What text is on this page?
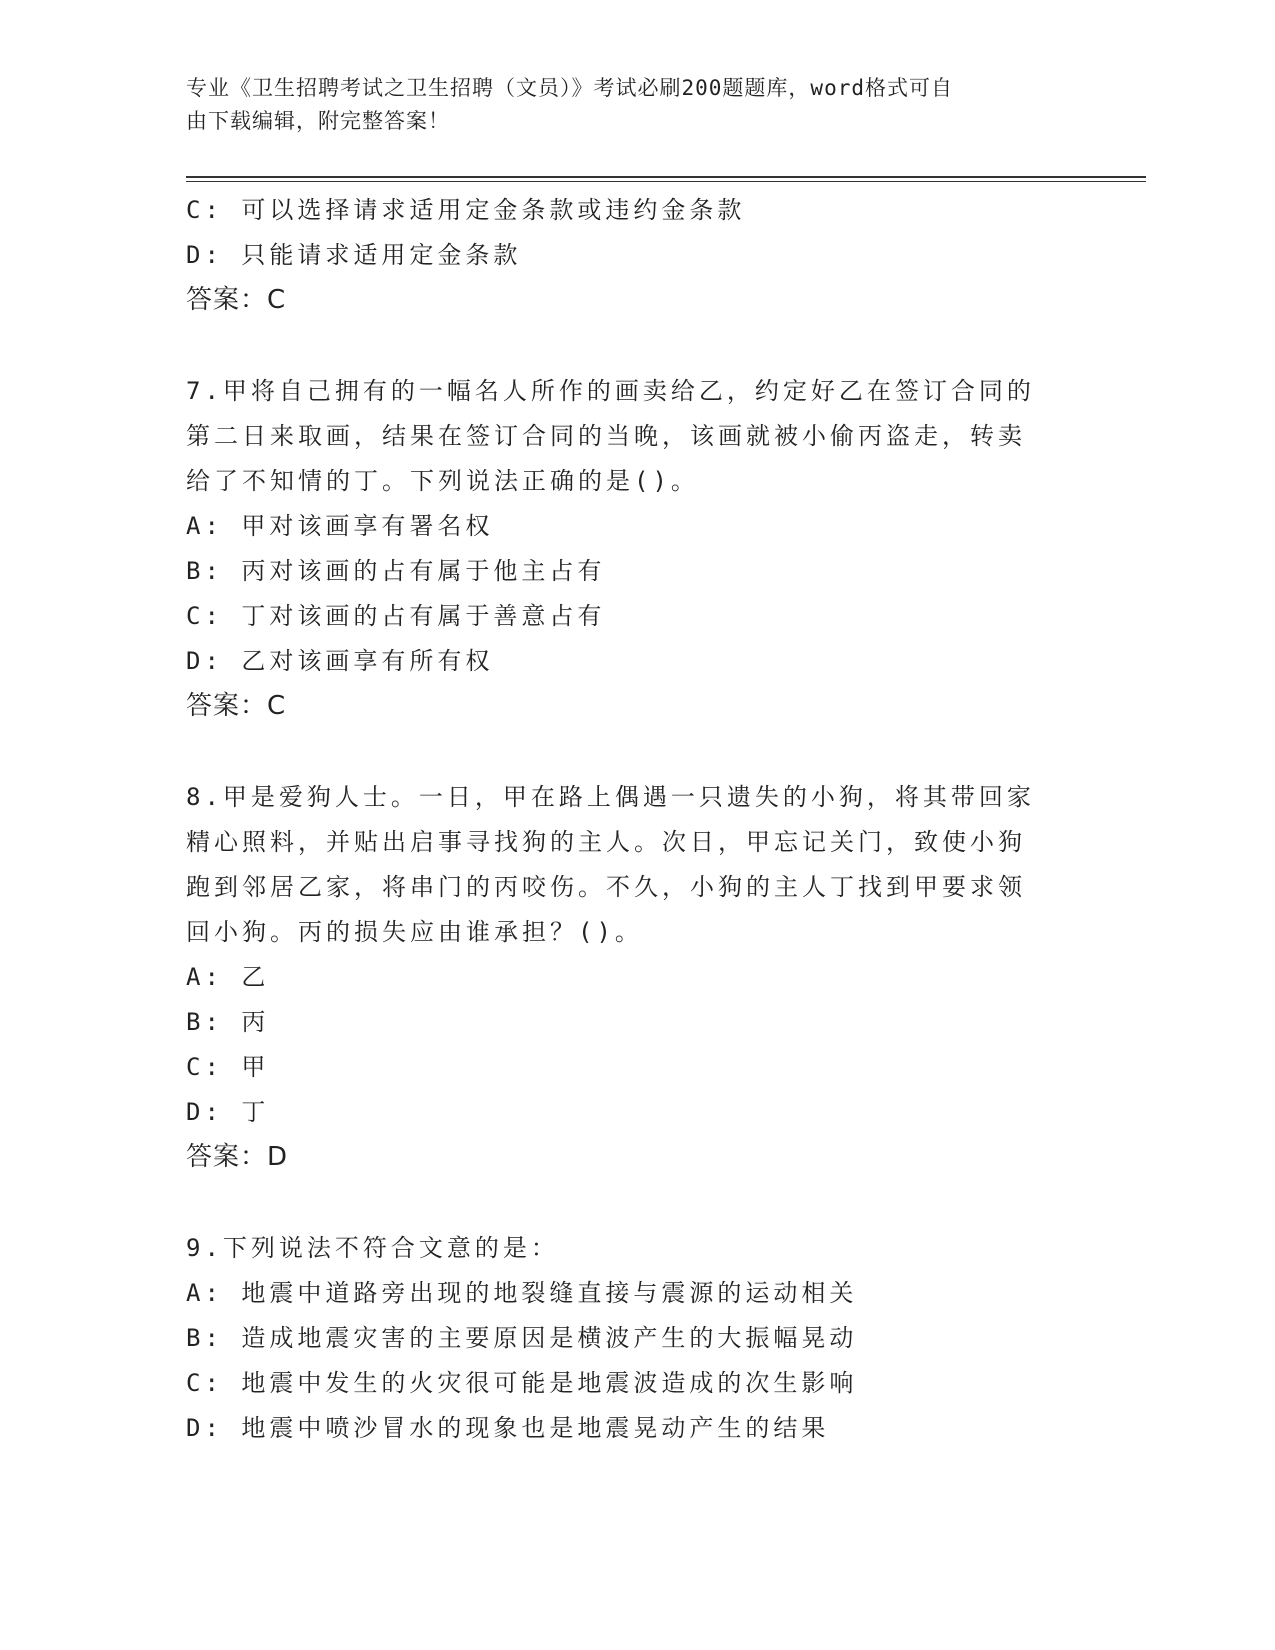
专业《卫生招聘考试之卫生招聘（文员）》考试必刷200题题库，word格式可自
由下载编辑，附完整答案！
C: 可以选择请求适用定金条款或违约金条款
D: 只能请求适用定金条款
答案：C
7.甲将自己拥有的一幅名人所作的画卖给乙，约定好乙在签订合同的
第二日来取画，结果在签订合同的当晚，该画就被小偷丙盗走，转卖
给了不知情的丁。下列说法正确的是()。
A: 甲对该画享有署名权
B: 丙对该画的占有属于他主占有
C: 丁对该画的占有属于善意占有
D: 乙对该画享有所有权
答案：C
8.甲是爱狗人士。一日，甲在路上偶遇一只遗失的小狗，将其带回家
精心照料，并贴出启事寻找狗的主人。次日，甲忘记关门，致使小狗
跑到邻居乙家，将串门的丙咬伤。不久，小狗的主人丁找到甲要求领
回小狗。丙的损失应由谁承担？()。
A: 乙
B: 丙
C: 甲
D: 丁
答案：D
9.下列说法不符合文意的是：
A: 地震中道路旁出现的地裂缝直接与震源的运动相关
B: 造成地震灾害的主要原因是横波产生的大振幅晃动
C: 地震中发生的火灾很可能是地震波造成的次生影响
D: 地震中喷沙冒水的现象也是地震晃动产生的结果
